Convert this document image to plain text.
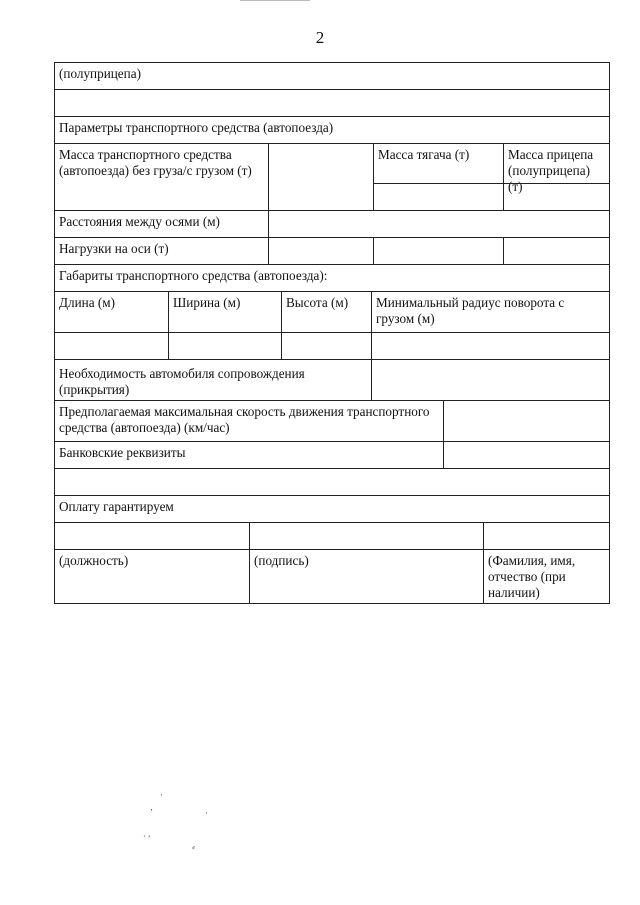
2
(полуприцепа)
Параметры транспортного средства (автопоезда)
Масса транспортного средства (автопоезда) без груза/с грузом (т)
Масса тягача (т)	Масса прицепа (полуприцепа) (т)
Расстояния между осями (м)
Нагрузки на оси (т)
Габариты транспортного средства (автопоезда):
Длина (м)	Ширина (м)	Высота (м)	Минимальный радиус поворота с грузом (м)
Необходимость автомобиля сопровождения (прикрытия)
Предполагаемая максимальная скорость движения транспортного средства (автопоезда) (км/час)
Банковские реквизиты
Оплату гарантируем
(должность)	(подпись)	(Фамилия, имя, отчество (при наличии)
·
‚
·
ˊ ′
⸗
